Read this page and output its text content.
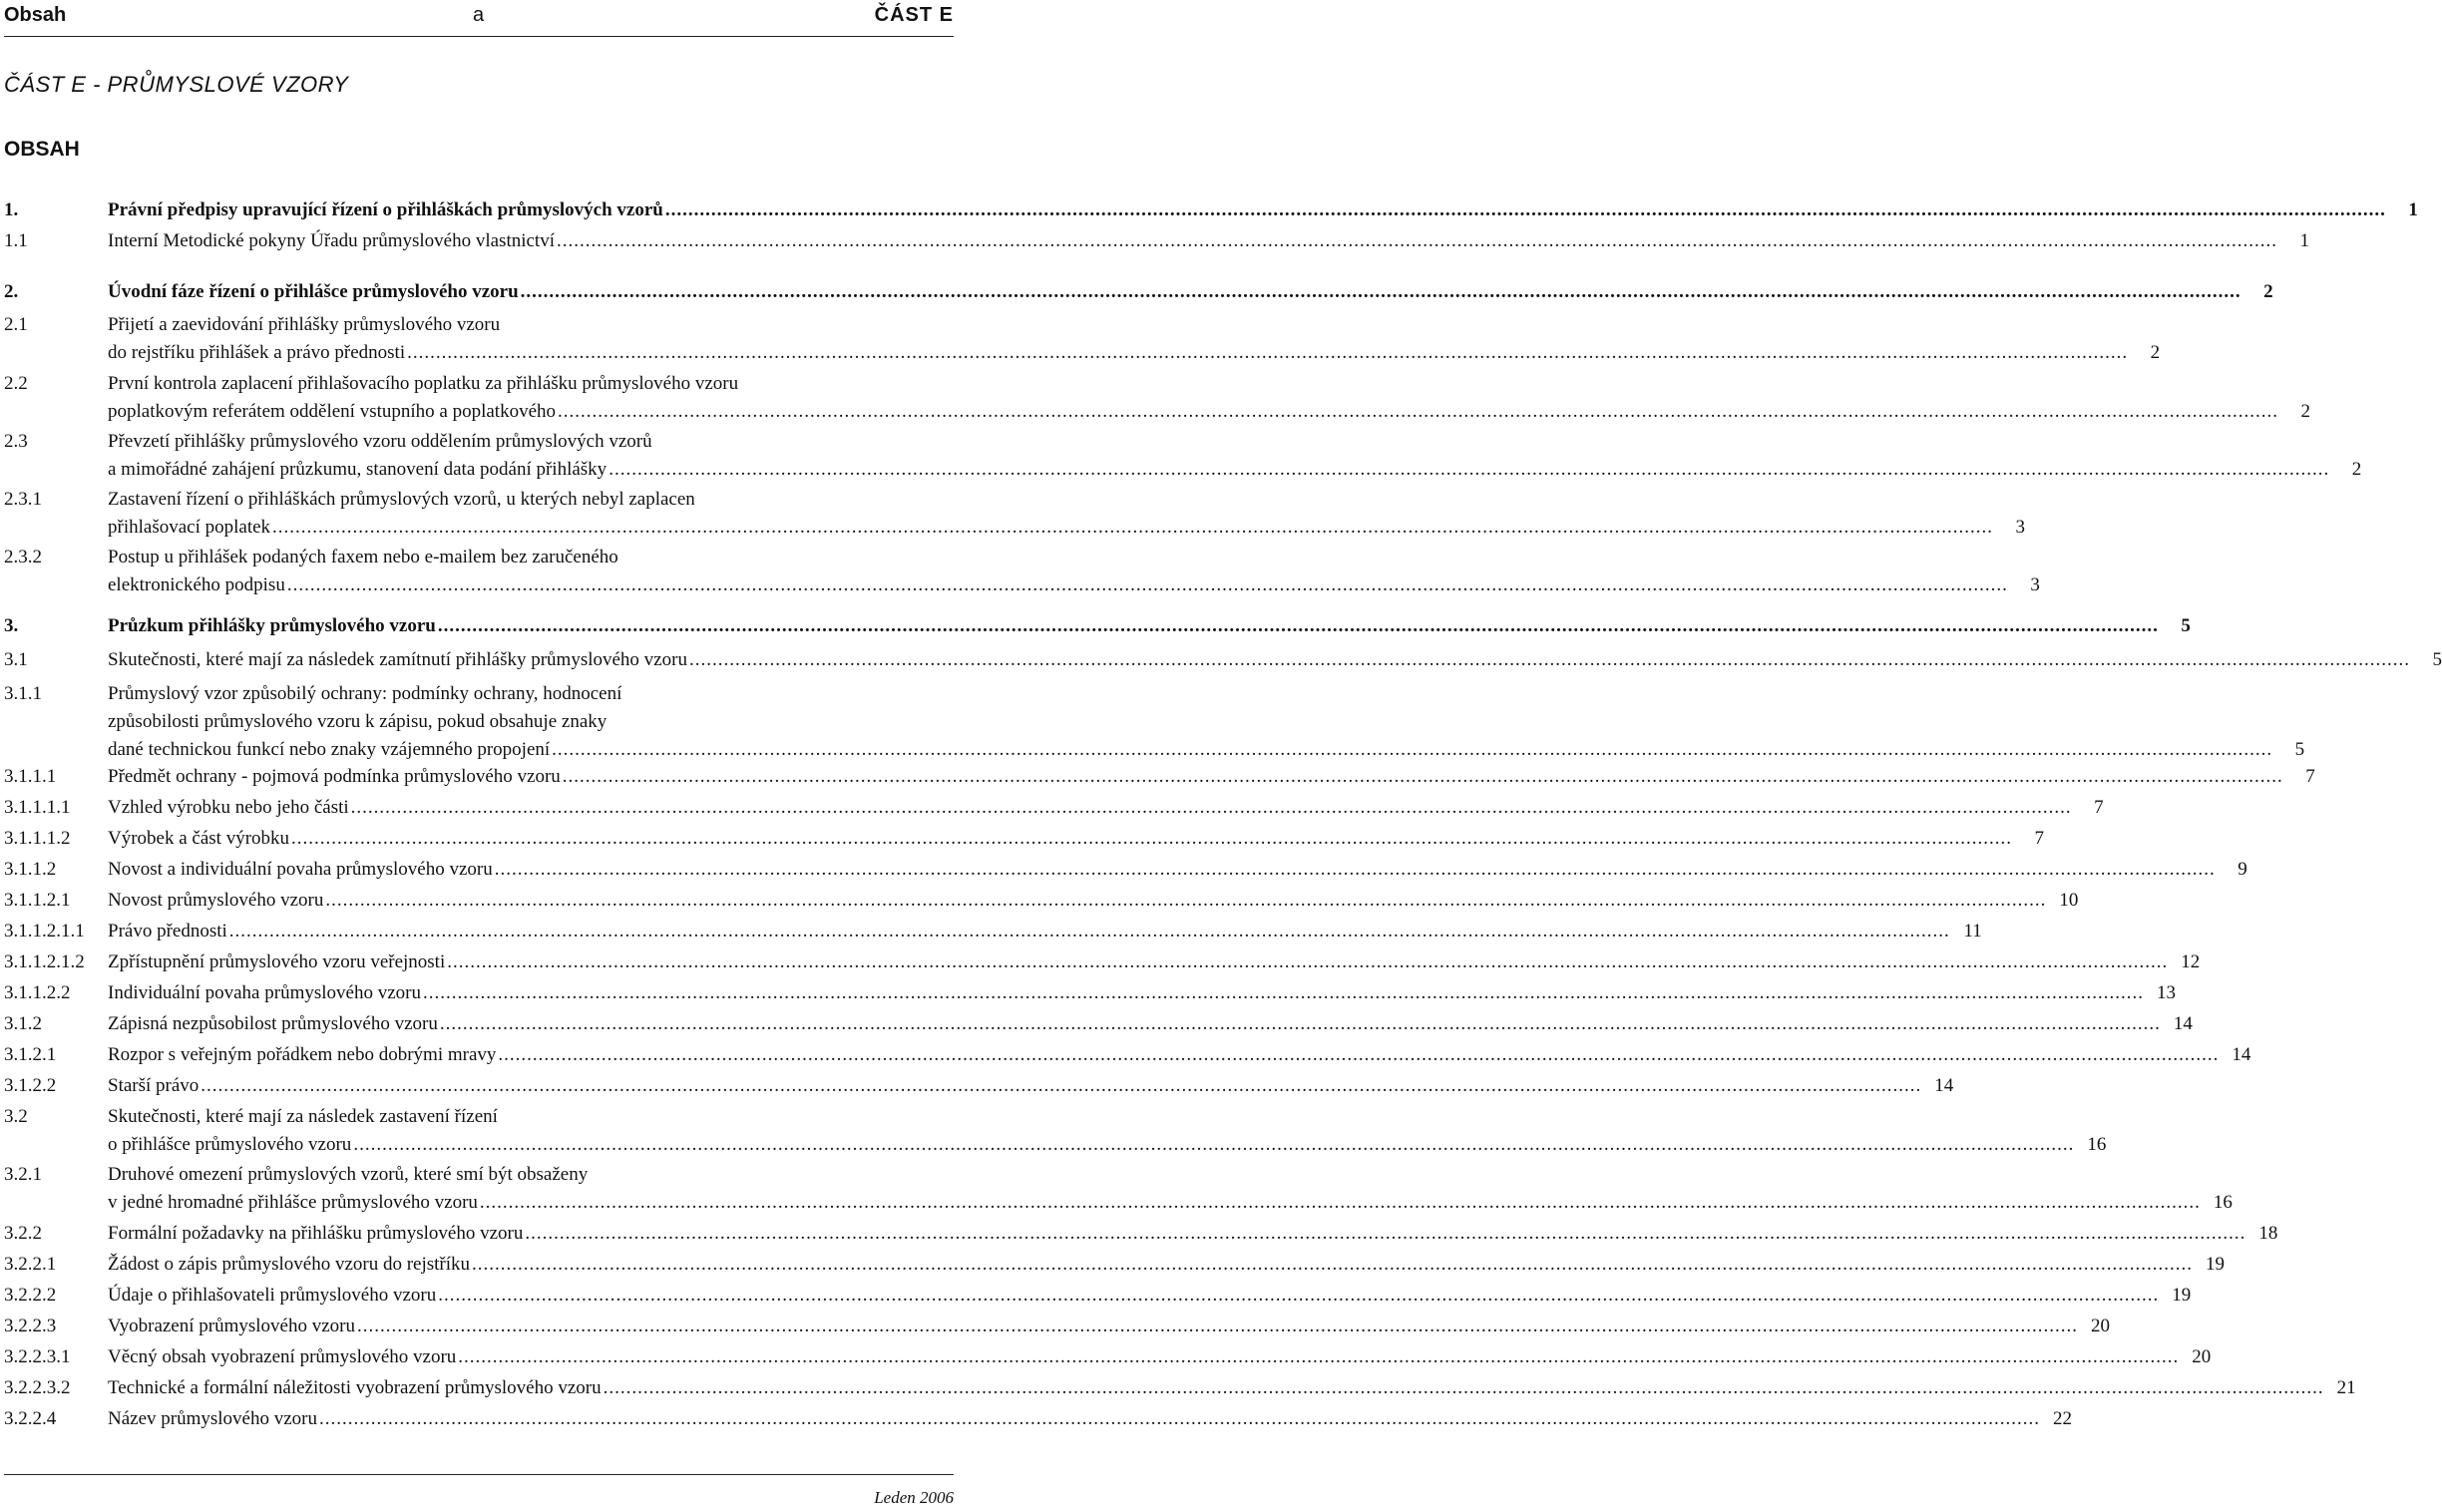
Obsah	a	ČÁST E
ČÁST E - PRŮMYSLOVÉ VZORY
OBSAH
1.	Právní předpisy upravující řízení o přihláškách průmyslových vzorů ............................................................................................................................................................................................................................................................................................................	1
1.1	Interní Metodické pokyny Úřadu průmyslového vlastnictví ............................................................................................................................................................................................................................................................................................................	1
2.	Úvodní fáze řízení o přihlášce průmyslového vzoru ............................................................................................................................................................................................................................................................................................................	2
2.1	Přijetí a zaevidování přihlášky průmyslového vzoru
do rejstříku přihlášek a právo přednosti ............................................................................................................................................................................................................................................................................................................	2
2.2	První kontrola zaplacení přihlašovacího poplatku za přihlášku průmyslového vzoru
poplatkovým referátem oddělení vstupního a poplatkového ............................................................................................................................................................................................................................................................................................................	2
2.3	Převzetí přihlášky průmyslového vzoru oddělením průmyslových vzorů
a mimořádné zahájení průzkumu, stanovení data podání přihlášky ............................................................................................................................................................................................................................................................................................................	2
2.3.1	Zastavení řízení o přihláškách průmyslových vzorů, u kterých nebyl zaplacen
přihlašovací poplatek ............................................................................................................................................................................................................................................................................................................	3
2.3.2	Postup u přihlášek podaných faxem nebo e-mailem bez zaručeného
elektronického podpisu ............................................................................................................................................................................................................................................................................................................	3
3.	Průzkum přihlášky průmyslového vzoru ............................................................................................................................................................................................................................................................................................................	5
3.1	Skutečnosti, které mají za následek zamítnutí přihlášky průmyslového vzoru ............................................................................................................................................................................................................................................................................................................	5
3.1.1	Průmyslový vzor způsobilý ochrany: podmínky ochrany, hodnocení
způsobilosti průmyslového vzoru k zápisu, pokud obsahuje znaky
dané technickou funkcí nebo znaky vzájemného propojení ............................................................................................................................................................................................................................................................................................................	5
3.1.1.1	Předmět ochrany - pojmová podmínka průmyslového vzoru ............................................................................................................................................................................................................................................................................................................	7
3.1.1.1.1 Vzhled výrobku nebo jeho části ............................................................................................................................................................................................................................................................................................................	7
3.1.1.1.2 Výrobek a část výrobku ............................................................................................................................................................................................................................................................................................................	7
3.1.1.2	Novost a individuální povaha průmyslového vzoru ............................................................................................................................................................................................................................................................................................................	9
3.1.1.2.1 Novost průmyslového vzoru ............................................................................................................................................................................................................................................................................................................ 10
3.1.1.2.1.1 Právo přednosti ............................................................................................................................................................................................................................................................................................................ 11
3.1.1.2.1.2 Zpřístupnění průmyslového vzoru veřejnosti ............................................................................................................................................................................................................................................................................................................ 12
3.1.1.2.2 Individuální povaha průmyslového vzoru ............................................................................................................................................................................................................................................................................................................ 13
3.1.2	Zápisná nezpůsobilost průmyslového vzoru ............................................................................................................................................................................................................................................................................................................ 14
3.1.2.1	Rozpor s veřejným pořádkem nebo dobrými mravy ............................................................................................................................................................................................................................................................................................................ 14
3.1.2.2	Starší právo ............................................................................................................................................................................................................................................................................................................ 14
3.2	Skutečnosti, které mají za následek zastavení řízení
o přihlášce průmyslového vzoru ............................................................................................................................................................................................................................................................................................................ 16
3.2.1	Druhové omezení průmyslových vzorů, které smí být obsaženy
v jedné hromadné přihlášce průmyslového vzoru ............................................................................................................................................................................................................................................................................................................ 16
3.2.2	Formální požadavky na přihlášku průmyslového vzoru ............................................................................................................................................................................................................................................................................................................ 18
3.2.2.1	Žádost o zápis průmyslového vzoru do rejstříku ............................................................................................................................................................................................................................................................................................................ 19
3.2.2.2	Údaje o přihlašovateli průmyslového vzoru ............................................................................................................................................................................................................................................................................................................ 19
3.2.2.3	Vyobrazení průmyslového vzoru ............................................................................................................................................................................................................................................................................................................ 20
3.2.2.3.1 Věcný obsah vyobrazení průmyslového vzoru ............................................................................................................................................................................................................................................................................................................ 20
3.2.2.3.2 Technické a formální náležitosti vyobrazení průmyslového vzoru ............................................................................................................................................................................................................................................................................................................ 21
3.2.2.4	Název průmyslového vzoru ............................................................................................................................................................................................................................................................................................................ 22
Leden 2006
